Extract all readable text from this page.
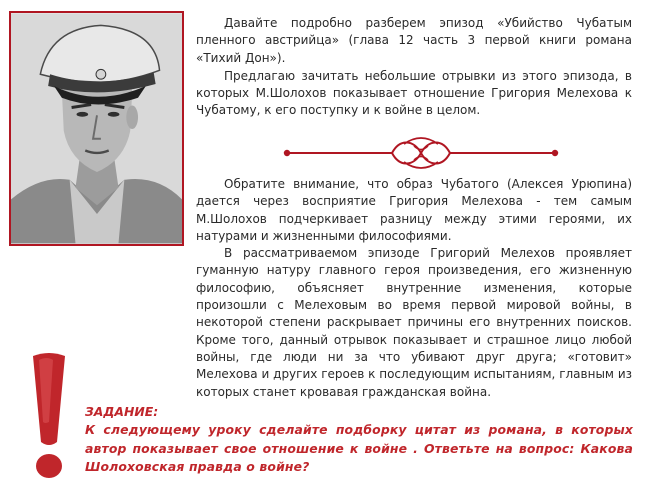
Давайте подробно разберем эпизод «Убийство Чубатым пленного австрийца» (глава 12 часть 3 первой книги романа «Тихий Дон»).

Предлагаю зачитать небольшие отрывки из этого эпизода, в которых М.Шолохов показывает отношение Григория Мелехова к Чубатому, к его поступку и к войне в целом.

Обратите внимание, что образ Чубатого (Алексея Урюпина) дается через восприятие Григория Мелехова - тем самым М.Шолохов подчеркивает разницу между этими героями, их натурами и жизненными философиями.

В рассматриваемом эпизоде Григорий Мелехов проявляет гуманную натуру главного героя произведения, его жизненную философию, объясняет внутренние изменения, которые произошли с Мелеховым во время первой мировой войны, в некоторой степени раскрывает причины его внутренних поисков. Кроме того, данный отрывок показывает и страшное лицо любой войны, где люди ни за что убивают друг друга; «готовит» Мелехова и других героев к последующим испытаниям, главным из которых станет кровавая гражданская война.

ЗАДАНИЕ:

К следующему уроку сделайте подборку цитат из романа, в которых автор показывает свое отношение к войне . Ответьте на вопрос: Какова Шолоховская правда о войне?
